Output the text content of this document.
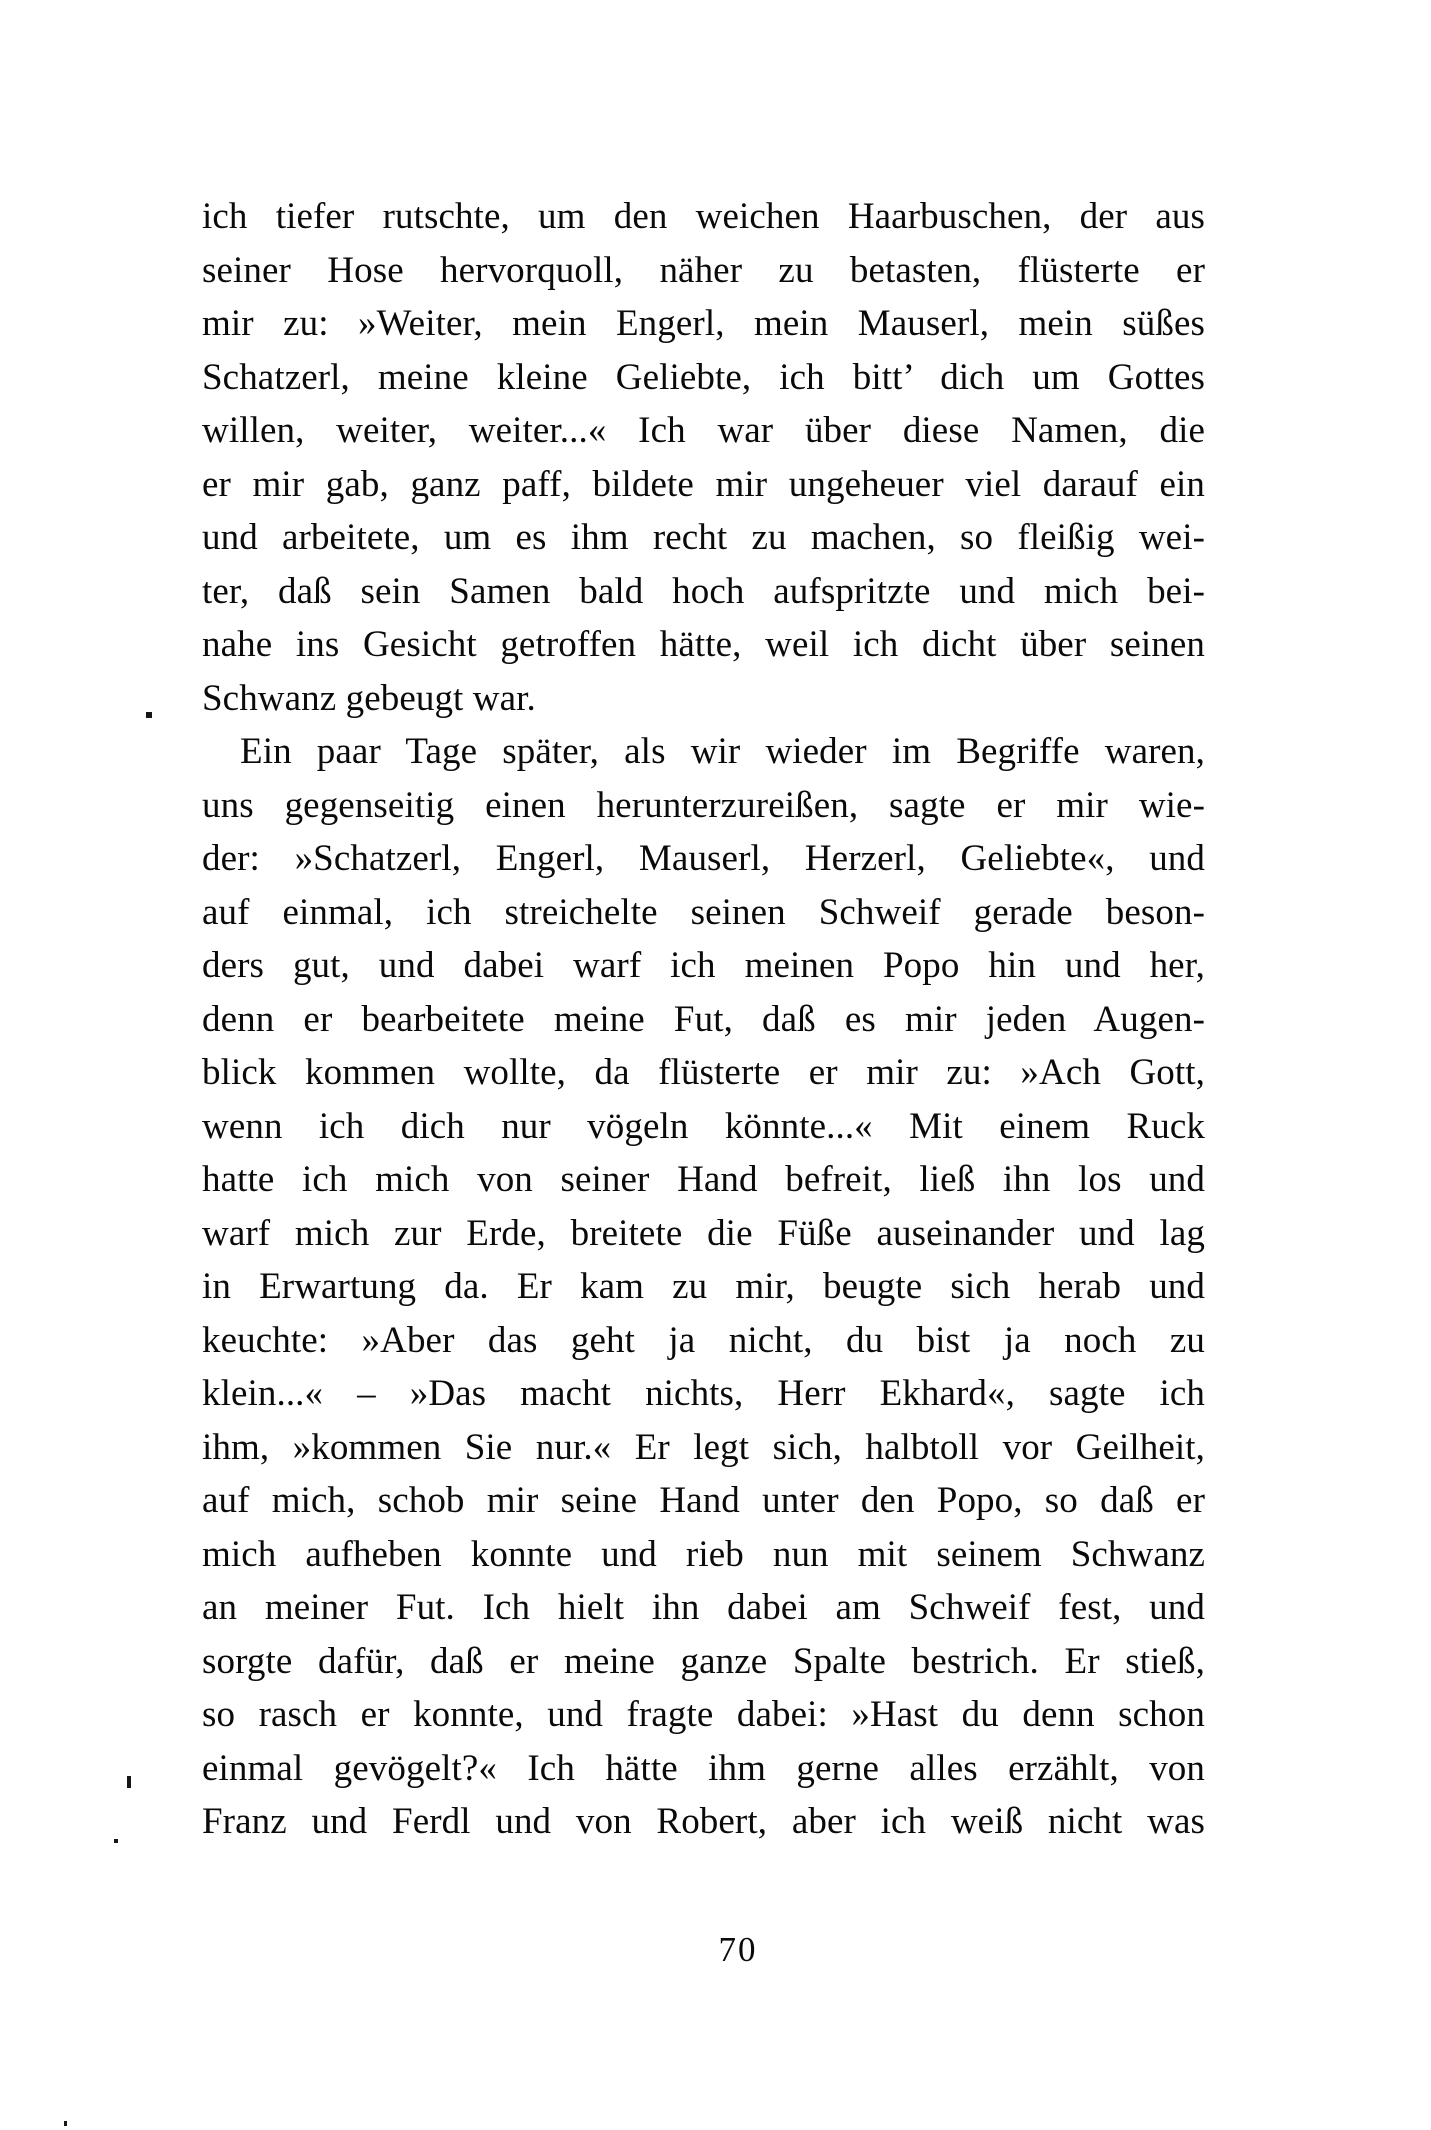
ich tiefer rutschte, um den weichen Haarbuschen, der aus
seiner Hose hervorquoll, näher zu betasten, flüsterte er
mir zu: »Weiter, mein Engerl, mein Mauserl, mein süßes
Schatzerl, meine kleine Geliebte, ich bitt’ dich um Gottes
willen, weiter, weiter...« Ich war über diese Namen, die
er mir gab, ganz paff, bildete mir ungeheuer viel darauf ein
und arbeitete, um es ihm recht zu machen, so fleißig wei-
ter, daß sein Samen bald hoch aufspritzte und mich bei-
nahe ins Gesicht getroffen hätte, weil ich dicht über seinen
Schwanz gebeugt war.
Ein paar Tage später, als wir wieder im Begriffe waren,
uns gegenseitig einen herunterzureißen, sagte er mir wie-
der: »Schatzerl, Engerl, Mauserl, Herzerl, Geliebte«, und
auf einmal, ich streichelte seinen Schweif gerade beson-
ders gut, und dabei warf ich meinen Popo hin und her,
denn er bearbeitete meine Fut, daß es mir jeden Augen-
blick kommen wollte, da flüsterte er mir zu: »Ach Gott,
wenn ich dich nur vögeln könnte...« Mit einem Ruck
hatte ich mich von seiner Hand befreit, ließ ihn los und
warf mich zur Erde, breitete die Füße auseinander und lag
in Erwartung da. Er kam zu mir, beugte sich herab und
keuchte: »Aber das geht ja nicht, du bist ja noch zu
klein...« – »Das macht nichts, Herr Ekhard«, sagte ich
ihm, »kommen Sie nur.« Er legt sich, halbtoll vor Geilheit,
auf mich, schob mir seine Hand unter den Popo, so daß er
mich aufheben konnte und rieb nun mit seinem Schwanz
an meiner Fut. Ich hielt ihn dabei am Schweif fest, und
sorgte dafür, daß er meine ganze Spalte bestrich. Er stieß,
so rasch er konnte, und fragte dabei: »Hast du denn schon
einmal gevögelt?« Ich hätte ihm gerne alles erzählt, von
Franz und Ferdl und von Robert, aber ich weiß nicht was
70
